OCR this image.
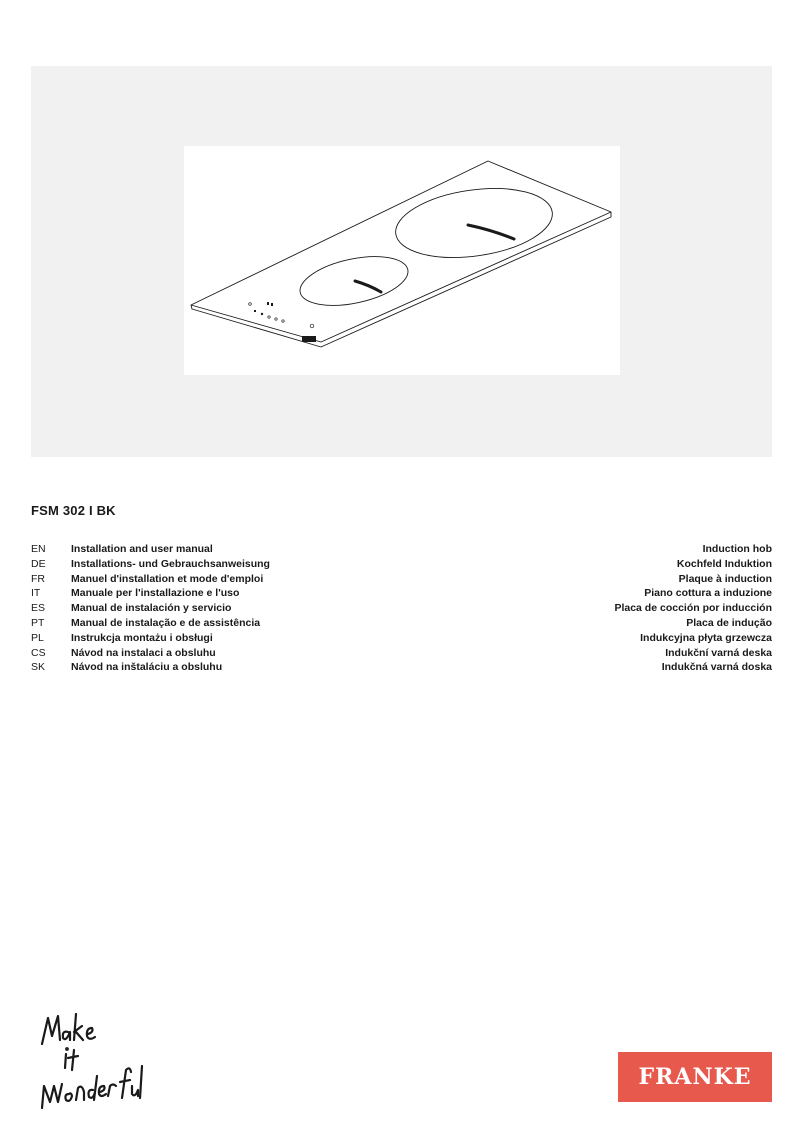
FSM 302 I BK
EN	Installation and user manual	Induction hob
DE	Installations- und Gebrauchsanweisung	Kochfeld Induktion
FR	Manuel d'installation et mode d'emploi	Plaque à induction
IT	Manuale per l'installazione e l'uso	Piano cottura a induzione
ES	Manual de instalación y servicio	Placa de cocción por inducción
PT	Manual de instalação e de assistência	Placa de indução
PL	Instrukcja montażu i obsługi	Indukcyjna płyta grzewcza
CS	Návod na instalaci a obsluhu	Indukční varná deska
SK	Návod na inštaláciu a obsluhu	Indukčná varná doska
FRANKE
